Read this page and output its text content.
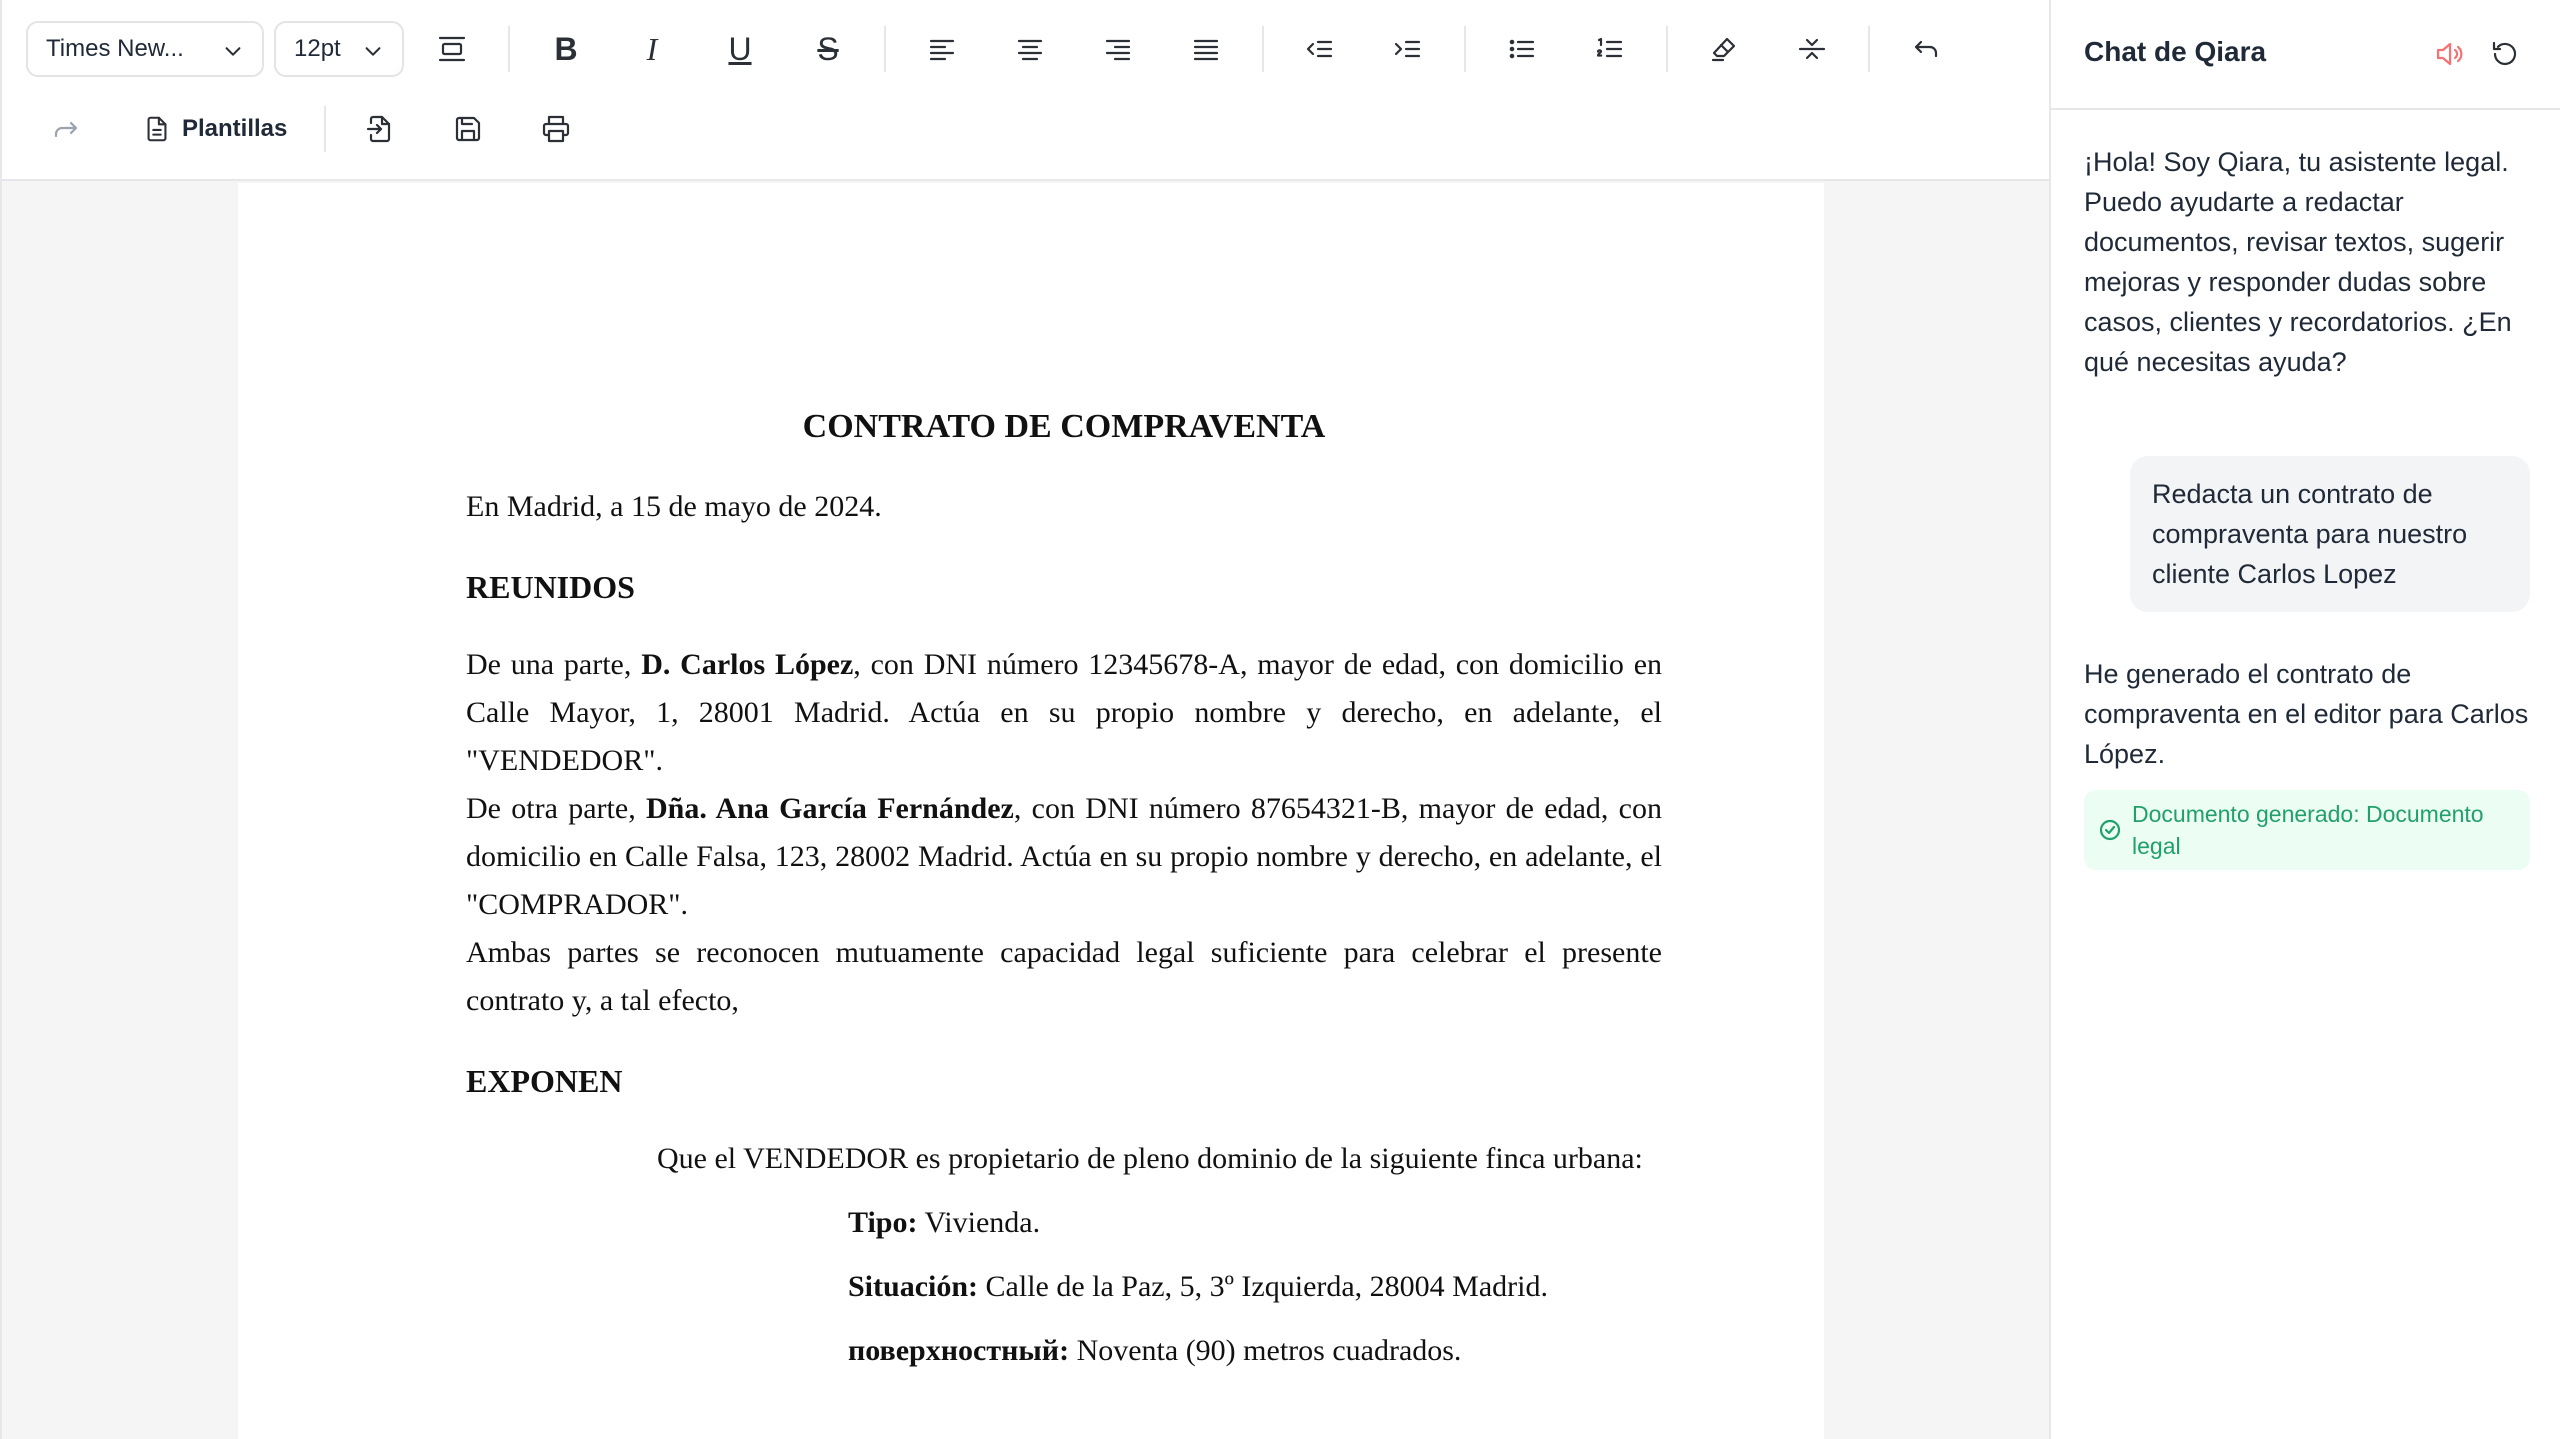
Times New...	12pt	B I U S
Plantillas
CONTRATO DE COMPRAVENTA

En Madrid, a 15 de mayo de 2024.

REUNIDOS

De una parte, D. Carlos López, con DNI número 12345678-A, mayor de edad, con domicilio en Calle Mayor, 1, 28001 Madrid. Actúa en su propio nombre y derecho, en adelante, el "VENDEDOR".

De otra parte, Dña. Ana García Fernández, con DNI número 87654321-B, mayor de edad, con domicilio en Calle Falsa, 123, 28002 Madrid. Actúa en su propio nombre y derecho, en adelante, el "COMPRADOR".

Ambas partes se reconocen mutuamente capacidad legal suficiente para celebrar el presente contrato y, a tal efecto,

EXPONEN

Que el VENDEDOR es propietario de pleno dominio de la siguiente finca urbana:

Tipo: Vivienda.

Situación: Calle de la Paz, 5, 3º Izquierda, 28004 Madrid.

поверхностный: Noventa (90) metros cuadrados.

Chat de Qiara
¡Hola! Soy Qiara, tu asistente legal. Puedo ayudarte a redactar documentos, revisar textos, sugerir mejoras y responder dudas sobre casos, clientes y recordatorios. ¿En qué necesitas ayuda?
Redacta un contrato de compraventa para nuestro cliente Carlos Lopez
He generado el contrato de compraventa en el editor para Carlos López.
Documento generado: Documento legal
